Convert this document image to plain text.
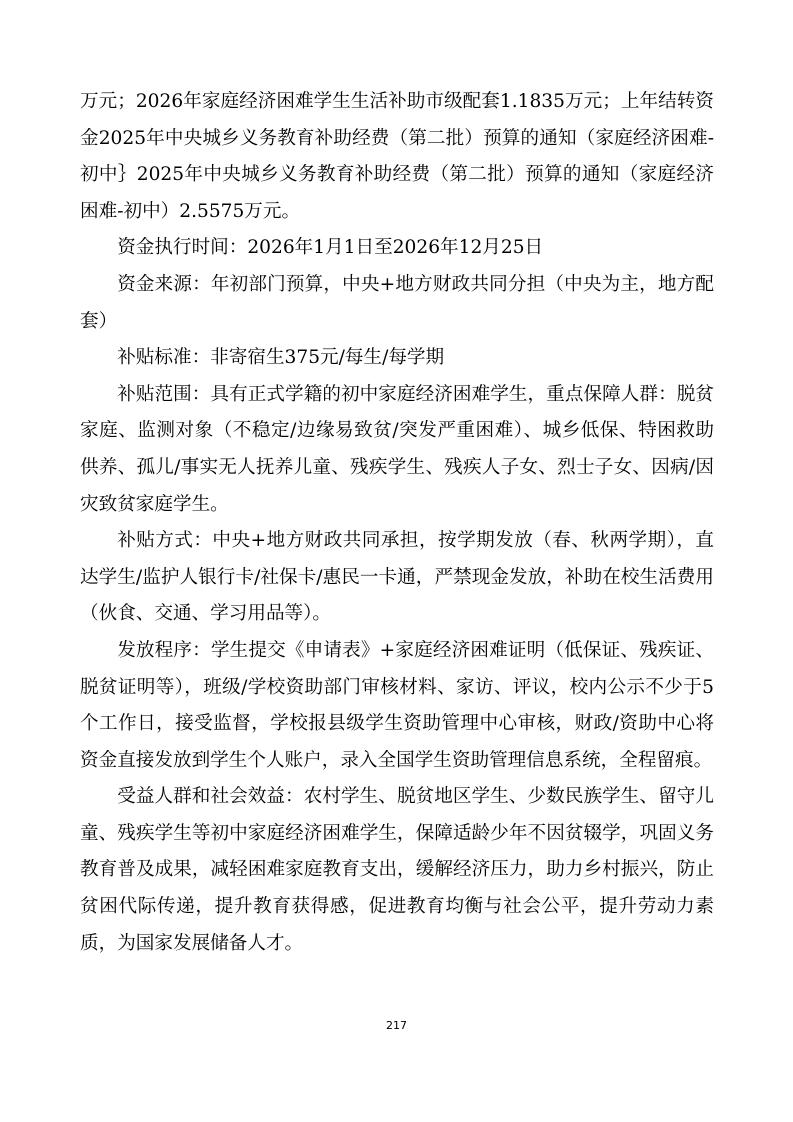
万元；2026年家庭经济困难学生生活补助市级配套1.1835万元；上年结转资金2025年中央城乡义务教育补助经费（第二批）预算的通知（家庭经济困难-初中｝2025年中央城乡义务教育补助经费（第二批）预算的通知（家庭经济困难-初中）2.5575万元。

资金执行时间：2026年1月1日至2026年12月25日

资金来源：年初部门预算，中央+地方财政共同分担（中央为主，地方配套）

补贴标准：非寄宿生375元/每生/每学期

补贴范围：具有正式学籍的初中家庭经济困难学生，重点保障人群：脱贫家庭、监测对象（不稳定/边缘易致贫/突发严重困难）、城乡低保、特困救助供养、孤儿/事实无人抚养儿童、残疾学生、残疾人子女、烈士子女、因病/因灾致贫家庭学生。

补贴方式：中央+地方财政共同承担，按学期发放（春、秋两学期），直达学生/监护人银行卡/社保卡/惠民一卡通，严禁现金发放，补助在校生活费用（伙食、交通、学习用品等）。

发放程序：学生提交《申请表》+家庭经济困难证明（低保证、残疾证、脱贫证明等），班级/学校资助部门审核材料、家访、评议，校内公示不少于5个工作日，接受监督，学校报县级学生资助管理中心审核，财政/资助中心将资金直接发放到学生个人账户，录入全国学生资助管理信息系统，全程留痕。

受益人群和社会效益：农村学生、脱贫地区学生、少数民族学生、留守儿童、残疾学生等初中家庭经济困难学生，保障适龄少年不因贫辍学，巩固义务教育普及成果，减轻困难家庭教育支出，缓解经济压力，助力乡村振兴，防止贫困代际传递，提升教育获得感，促进教育均衡与社会公平，提升劳动力素质，为国家发展储备人才。

217
